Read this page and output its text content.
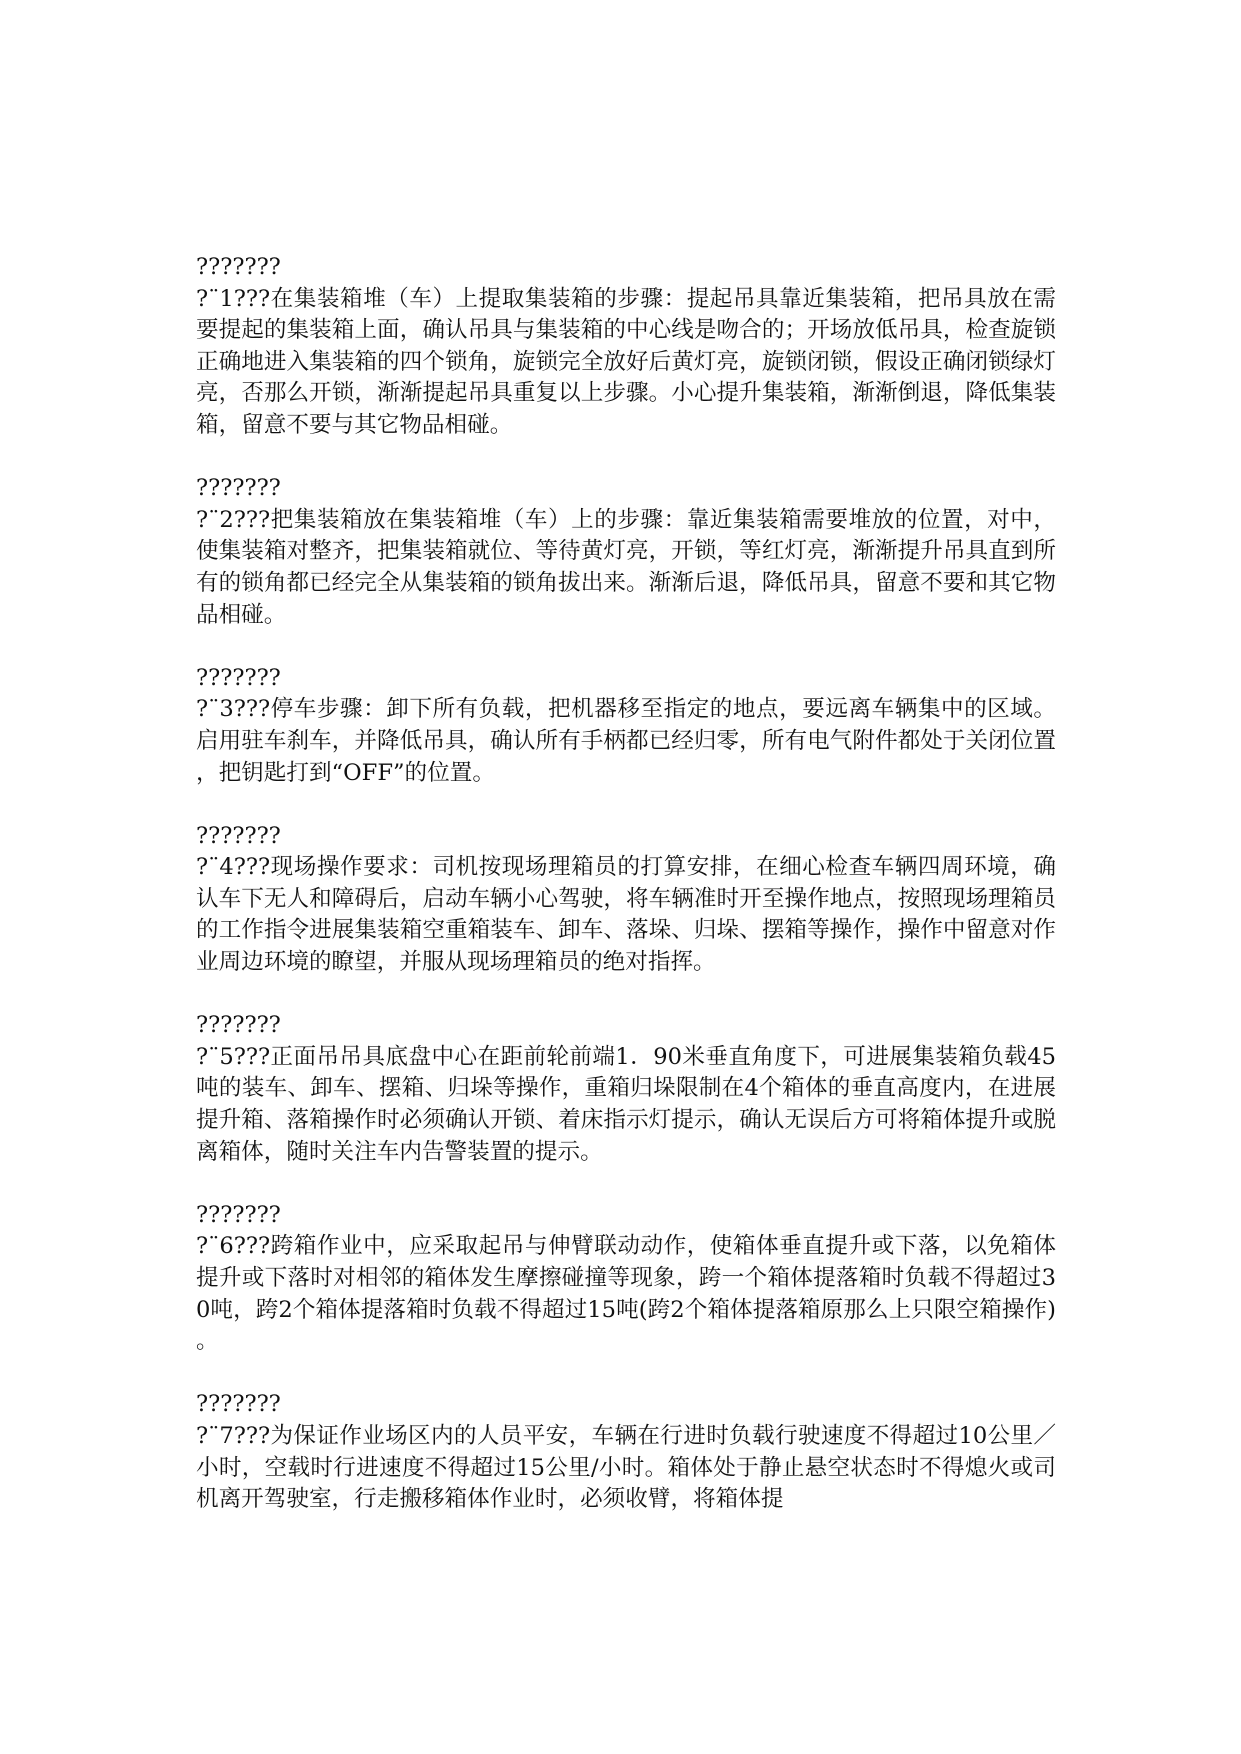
???????
?¨1???在集装箱堆（车）上提取集装箱的步骤：提起吊具靠近集装箱，把吊具放在需要提起的集装箱上面，确认吊具与集装箱的中心线是吻合的；开场放低吊具，检查旋锁正确地进入集装箱的四个锁角，旋锁完全放好后黄灯亮，旋锁闭锁，假设正确闭锁绿灯亮，否那么开锁，渐渐提起吊具重复以上步骤。小心提升集装箱，渐渐倒退，降低集装箱，留意不要与其它物品相碰。
???????
?¨2???把集装箱放在集装箱堆（车）上的步骤：靠近集装箱需要堆放的位置，对中，使集装箱对整齐，把集装箱就位、等待黄灯亮，开锁，等红灯亮，渐渐提升吊具直到所有的锁角都已经完全从集装箱的锁角拔出来。渐渐后退，降低吊具，留意不要和其它物品相碰。
???????
?¨3???停车步骤：卸下所有负载，把机器移至指定的地点，要远离车辆集中的区域。启用驻车刹车，并降低吊具，确认所有手柄都已经归零，所有电气附件都处于关闭位置，把钥匙打到“OFF”的位置。
???????
?¨4???现场操作要求：司机按现场理箱员的打算安排，在细心检查车辆四周环境，确认车下无人和障碍后，启动车辆小心驾驶，将车辆准时开至操作地点，按照现场理箱员的工作指令进展集装箱空重箱装车、卸车、落垛、归垛、摆箱等操作，操作中留意对作业周边环境的瞭望，并服从现场理箱员的绝对指挥。
???????
?¨5???正面吊吊具底盘中心在距前轮前端1．90米垂直角度下，可进展集装箱负载45吨的装车、卸车、摆箱、归垛等操作，重箱归垛限制在4个箱体的垂直高度内，在进展提升箱、落箱操作时必须确认开锁、着床指示灯提示，确认无误后方可将箱体提升或脱离箱体，随时关注车内告警装置的提示。
???????
?¨6???跨箱作业中，应采取起吊与伸臂联动动作，使箱体垂直提升或下落，以免箱体提升或下落时对相邻的箱体发生摩擦碰撞等现象，跨一个箱体提落箱时负载不得超过30吨，跨2个箱体提落箱时负载不得超过15吨(跨2个箱体提落箱原那么上只限空箱操作)。
???????
?¨7???为保证作业场区内的人员平安，车辆在行进时负载行驶速度不得超过10公里／小时，空载时行进速度不得超过15公里/小时。箱体处于静止悬空状态时不得熄火或司机离开驾驶室，行走搬移箱体作业时，必须收臂，将箱体提
